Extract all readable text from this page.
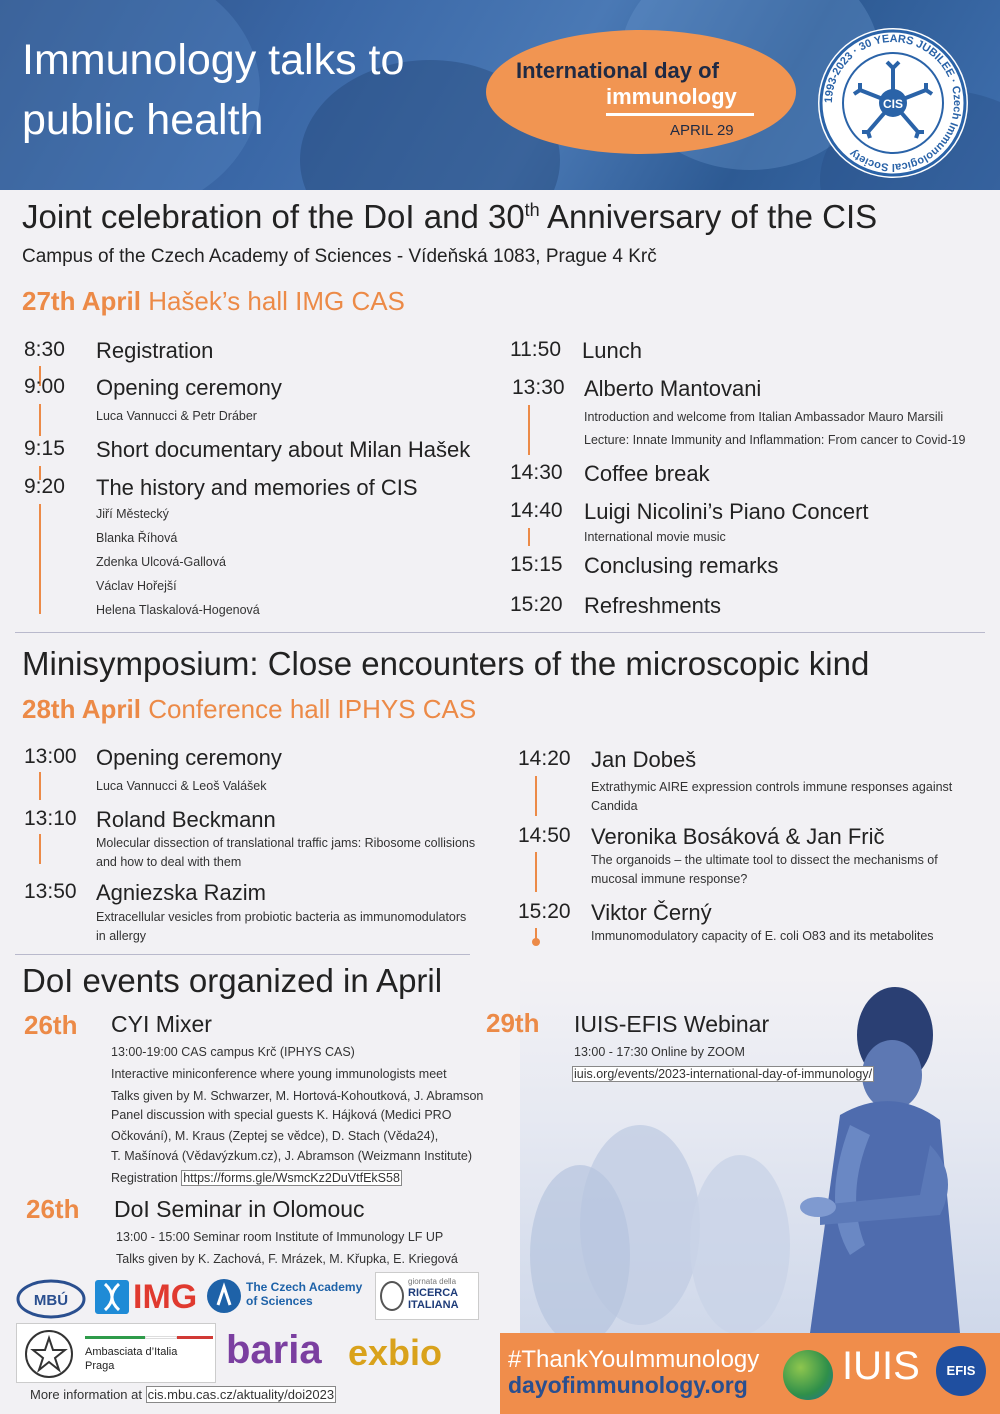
Immunology talks to
public health
International day of
immunology
APRIL 29
1993-2023 · 30 YEARS JUBILEE · Czech Immunological Society
CIS
Joint celebration of the DoI and 30th Anniversary of the CIS
Campus of the Czech Academy of Sciences - Vídeňská 1083, Prague 4 Krč
27th April Hašek’s hall IMG CAS
8:30 Registration
9:00 Opening ceremony
Luca Vannucci & Petr Dráber
9:15 Short documentary about Milan Hašek
9:20 The history and memories of CIS
Jiří Městecký
Blanka Říhová
Zdenka Ulcová-Gallová
Václav Hořejší
Helena Tlaskalová-Hogenová
11:50 Lunch
13:30 Alberto Mantovani
Introduction and welcome from Italian Ambassador Mauro Marsili
Lecture: Innate Immunity and Inflammation: From cancer to Covid-19
14:30 Coffee break
14:40 Luigi Nicolini’s Piano Concert
International movie music
15:15 Conclusing remarks
15:20 Refreshments
Minisymposium: Close encounters of the microscopic kind
28th April Conference hall IPHYS CAS
13:00 Opening ceremony
Luca Vannucci & Leoš Valášek
13:10 Roland Beckmann
Molecular dissection of translational traffic jams: Ribosome collisions
and how to deal with them
13:50 Agniezska Razim
Extracellular vesicles from probiotic bacteria as immunomodulators
in allergy
14:20 Jan Dobeš
Extrathymic AIRE expression controls immune responses against
Candida
14:50 Veronika Bosáková & Jan Frič
The organoids – the ultimate tool to dissect the mechanisms of
mucosal immune response?
15:20 Viktor Černý
Immunomodulatory capacity of E. coli O83 and its metabolites
DoI events organized in April
26th CYI Mixer
13:00-19:00 CAS campus Krč (IPHYS CAS)
Interactive miniconference where young immunologists meet
Talks given by M. Schwarzer, M. Hortová-Kohoutková, J. Abramson
Panel discussion with special guests K. Hájková (Medici PRO
Očkování), M. Kraus (Zeptej se vědce), D. Stach (Věda24),
T. Mašínová (Vědavýzkum.cz), J. Abramson (Weizmann Institute)
Registration https://forms.gle/WsmcKz2DuVtfEkS58
26th DoI Seminar in Olomouc
13:00 - 15:00 Seminar room Institute of Immunology LF UP
Talks given by K. Zachová, F. Mrázek, M. Křupka, E. Kriegová
29th IUIS-EFIS Webinar
13:00 - 17:30 Online by ZOOM
iuis.org/events/2023-international-day-of-immunology/
MBÚ IMG	The Czech Academy of Sciences
giornata della
RICERCA ITALIANA
Ambasciata d’Italia
Praga	baria exbio
More information at cis.mbu.cas.cz/aktuality/doi2023
#ThankYouImmunology
dayofimmunology.org IUIS	EFIS
